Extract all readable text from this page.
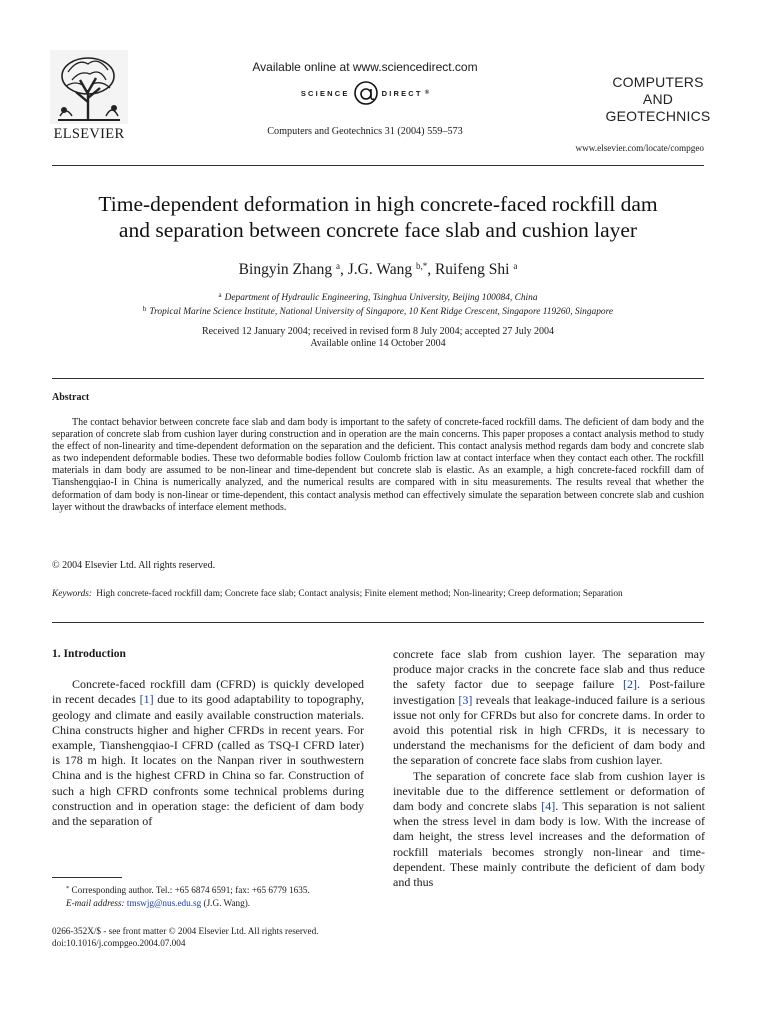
ELSEVIER
Available online at www.sciencedirect.com
SCIENCE	DIRECT ®
Computers and Geotechnics 31 (2004) 559–573
COMPUTERS
AND
GEOTECHNICS
www.elsevier.com/locate/compgeo
Time-dependent deformation in high concrete-faced rockfill dam
and separation between concrete face slab and cushion layer
Bingyin Zhang $^a$, J.G. Wang $^{b,*}$, Ruifeng Shi $^a$
$^a$ Department of Hydraulic Engineering, Tsinghua University, Beijing 100084, China
$^b$ Tropical Marine Science Institute, National University of Singapore, 10 Kent Ridge Crescent, Singapore 119260, Singapore
Received 12 January 2004; received in revised form 8 July 2004; accepted 27 July 2004
Available online 14 October 2004
Abstract

The contact behavior between concrete face slab and dam body is important to the safety of concrete-faced rockfill dams. The deficient of dam body and the separation of concrete slab from cushion layer during construction and in operation are the main concerns. This paper proposes a contact analysis method to study the effect of non-linearity and time-dependent deformation on the separation and the deficient. This contact analysis method regards dam body and concrete slab as two independent deformable bodies. These two deformable bodies follow Coulomb friction law at contact interface when they contact each other. The rockfill materials in dam body are assumed to be non-linear and time-dependent but concrete slab is elastic. As an example, a high concrete-faced rockfill dam of Tianshengqiao-I in China is numerically analyzed, and the numerical results are compared with in situ measurements. The results reveal that whether the deformation of dam body is non-linear or time-dependent, this contact analysis method can effectively simulate the separation between concrete slab and cushion layer without the drawbacks of interface element methods.

© 2004 Elsevier Ltd. All rights reserved.
Keywords: High concrete-faced rockfill dam; Concrete face slab; Contact analysis; Finite element method; Non-linearity; Creep deformation; Separation
1. Introduction

Concrete-faced rockfill dam (CFRD) is quickly developed in recent decades [1] due to its good adaptability to topography, geology and climate and easily available construction materials. China constructs higher and higher CFRDs in recent years. For example, Tianshengqiao-I CFRD (called as TSQ-I CFRD later) is 178 m high. It locates on the Nanpan river in southwestern China and is the highest CFRD in China so far. Construction of such a high CFRD confronts some technical problems during construction and in operation stage: the deficient of dam body and the separation of

concrete face slab from cushion layer. The separation may produce major cracks in the concrete face slab and thus reduce the safety factor due to seepage failure [2]. Post-failure investigation [3] reveals that leakage-induced failure is a serious issue not only for CFRDs but also for concrete dams. In order to avoid this potential risk in high CFRDs, it is necessary to understand the mechanisms for the deficient of dam body and the separation of concrete face slabs from cushion layer.

The separation of concrete face slab from cushion layer is inevitable due to the difference settlement or deformation of dam body and concrete slabs [4]. This separation is not salient when the stress level in dam body is low. With the increase of dam height, the stress level increases and the deformation of rockfill materials becomes strongly non-linear and time-dependent. These mainly contribute the deficient of dam body and thus

* Corresponding author. Tel.: +65 6874 6591; fax: +65 6779 1635.
E-mail address: tmswjg@nus.edu.sg (J.G. Wang).
0266-352X/$ - see front matter © 2004 Elsevier Ltd. All rights reserved.
doi:10.1016/j.compgeo.2004.07.004
